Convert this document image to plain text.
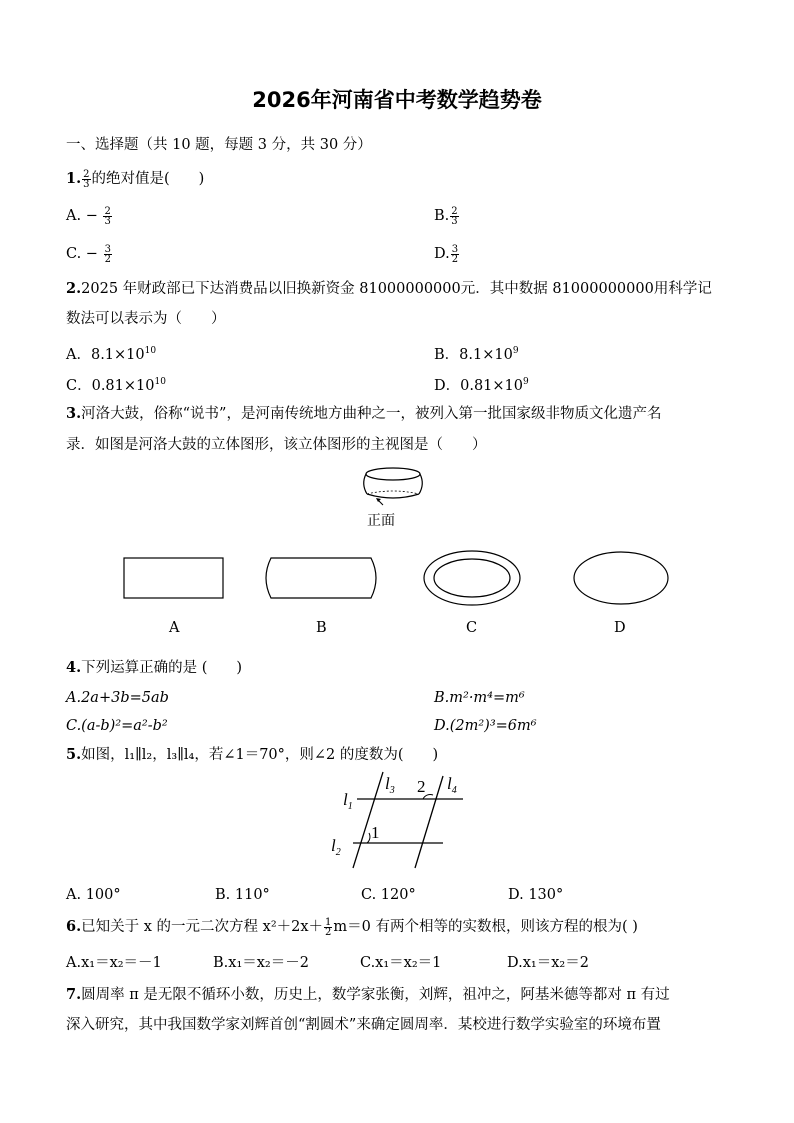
2026年河南省中考数学趋势卷
一、选择题（共 10 题，每题 3 分，共 30 分）
1. $\frac{2}{3}$ 的绝对值是(　　)
A. − $\frac{2}{3}$	B. $\frac{2}{3}$
C. − $\frac{3}{2}$	D. $\frac{3}{2}$
2.2025 年财政部已下达消费品以旧换新资金 81000000000元．其中数据 81000000000用科学记
数法可以表示为（　　）
A．$8.1\times 10^{10}$	B．$8.1\times 10^9$
C．$0.81\times 10^{10}$	D．$0.81\times 10^9$
3.河洛大鼓，俗称“说书”，是河南传统地方曲种之一，被列入第一批国家级非物质文化遗产名
录．如图是河洛大鼓的立体图形，该立体图形的主视图是（　　）
正面
A	B	C	D
4.下列运算正确的是 (　　)
A.2a+3b=5ab	B.m²·m⁴=m⁶
C.(a-b)²=a²-b²	D.(2m²)³=6m⁶
5.如图，l₁∥l₂，l₃∥l₄，若∠1＝70°，则∠2 的度数为(　　)
$l_1$
$l_2$
$l_3$	$l_4$
2
1
A. 100°	B. 110°	C. 120°	D. 130°
6.已知关于 x 的一元二次方程 $x^2+2x+ \frac{1}{2} m=0$ 有两个相等的实数根，则该方程的根为( )
A.x₁＝x₂＝－1	B.x₁＝x₂＝－2	C.x₁＝x₂＝1	D.x₁＝x₂＝2
7.圆周率 π 是无限不循环小数，历史上，数学家张衡，刘辉，祖冲之，阿基米德等都对 π 有过
深入研究，其中我国数学家刘辉首创“割圆术”来确定圆周率．某校进行数学实验室的环境布置
